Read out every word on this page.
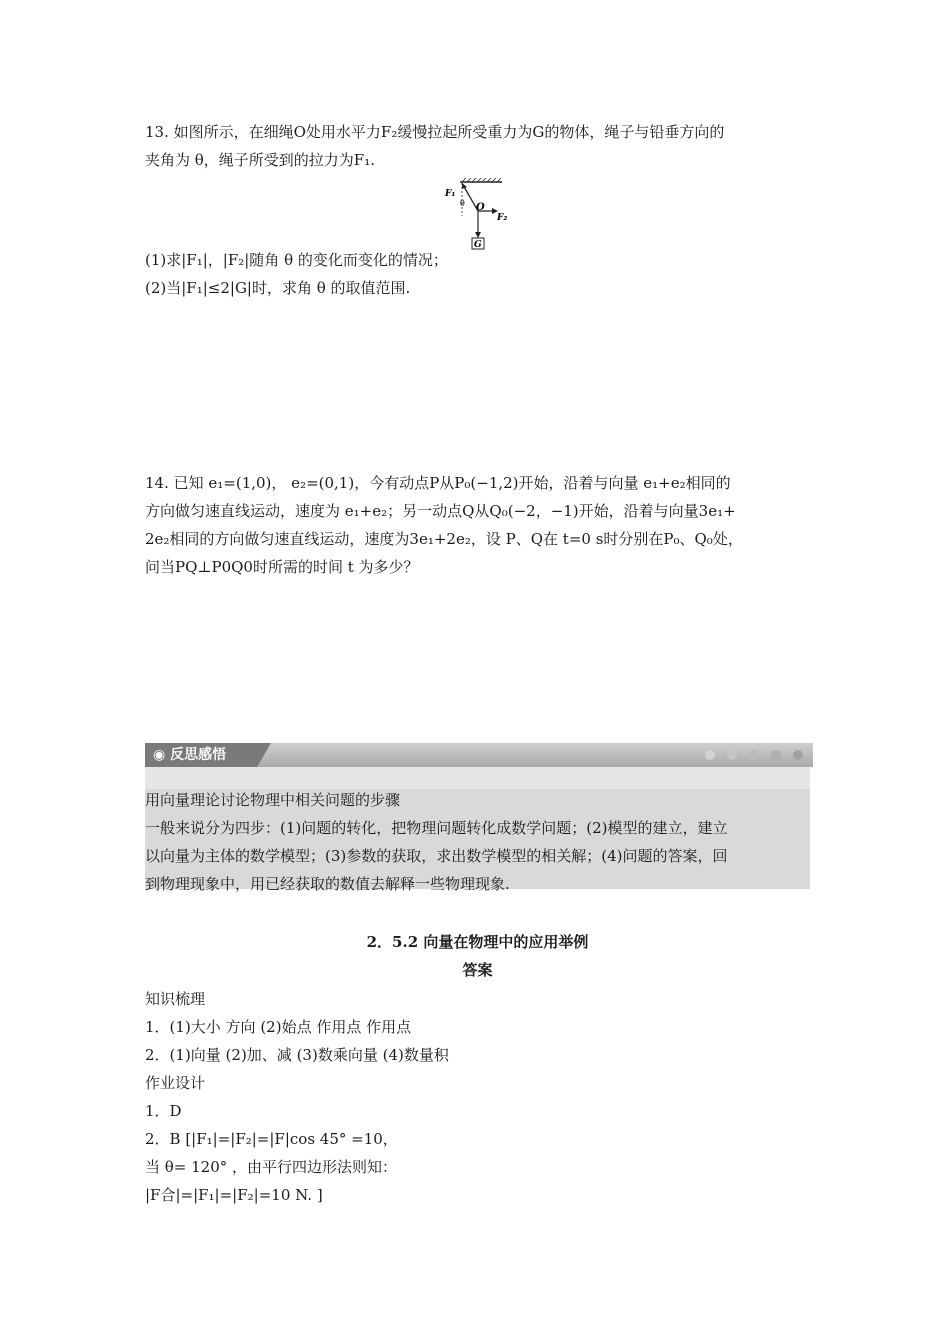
13. 如图所示，在细绳O处用水平力F₂缓慢拉起所受重力为G的物体，绳子与铅垂方向的

夹角为 θ，绳子所受到的拉力为F₁.

F₁
θ O
F₂
G

(1)求|F₁|，|F₂|随角 θ 的变化而变化的情况；

(2)当|F₁|≤2|G|时，求角 θ 的取值范围.

14. 已知 e₁=(1,0)， e₂=(0,1)，今有动点P从P₀(−1,2)开始，沿着与向量 e₁+e₂相同的

方向做匀速直线运动，速度为 e₁+e₂；另一动点Q从Q₀(−2，−1)开始，沿着与向量3e₁+

2e₂相同的方向做匀速直线运动，速度为3e₁+2e₂，设 P、Q在 t=0 s时分别在P₀、Q₀处，

问当PQ⊥P0Q0时所需的时间 t 为多少？

◉ 反思感悟

用向量理论讨论物理中相关问题的步骤

一般来说分为四步：(1)问题的转化，把物理问题转化成数学问题；(2)模型的建立，建立

以向量为主体的数学模型；(3)参数的获取，求出数学模型的相关解；(4)问题的答案，回

到物理现象中，用已经获取的数值去解释一些物理现象.

2．5.2 向量在物理中的应用举例

答案

知识梳理

1．(1)大小 方向 (2)始点 作用点 作用点

2．(1)向量 (2)加、减 (3)数乘向量 (4)数量积

作业设计

1．D

2．B [|F₁|=|F₂|=|F|cos 45° =10，

当 θ= 120° ，由平行四边形法则知：

|F合|=|F₁|=|F₂|=10 N. ]
